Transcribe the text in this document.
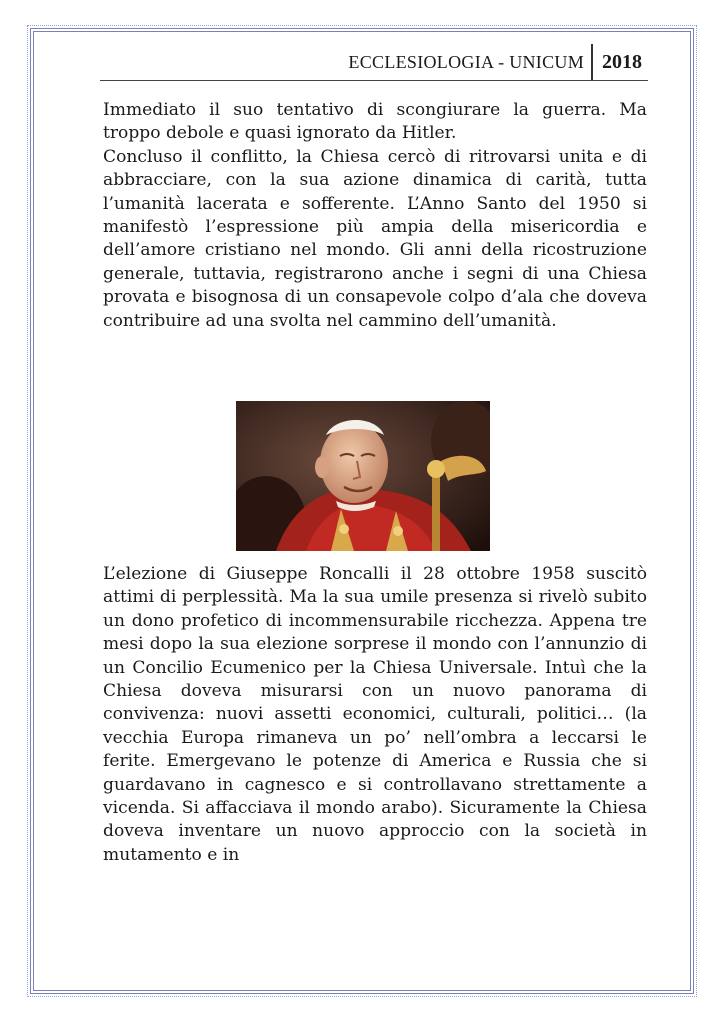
ECCLESIOLOGIA - UNICUM 2018

Immediato il suo tentativo di scongiurare la guerra. Ma troppo debole e quasi ignorato da Hitler.
Concluso il conflitto, la Chiesa cercò di ritrovarsi unita e di abbracciare, con la sua azione dinamica di carità, tutta l’umanità lacerata e sofferente. L’Anno Santo del 1950 si manifestò l’espressione più ampia della misericordia e dell’amore cristiano nel mondo. Gli anni della ricostruzione generale, tuttavia, registrarono anche i segni di una Chiesa provata e bisognosa di un consapevole colpo d’ala che doveva contribuire ad una svolta nel cammino dell’umanità.

L’elezione di Giuseppe Roncalli il 28 ottobre 1958 suscitò attimi di perplessità. Ma la sua umile presenza si rivelò subito un dono profetico di incommensurabile ricchezza. Appena tre mesi dopo la sua elezione sorprese il mondo con l’annunzio di un Concilio Ecumenico per la Chiesa Universale. Intuì che la Chiesa doveva misurarsi con un nuovo panorama di convivenza: nuovi assetti economici, culturali, politici… (la vecchia Europa rimaneva un po’ nell’ombra a leccarsi le ferite. Emergevano le potenze di America e Russia che si guardavano in cagnesco e si controllavano strettamente a vicenda. Si affacciava il mondo arabo). Sicuramente la Chiesa doveva inventare un nuovo approccio con la società in mutamento e in
